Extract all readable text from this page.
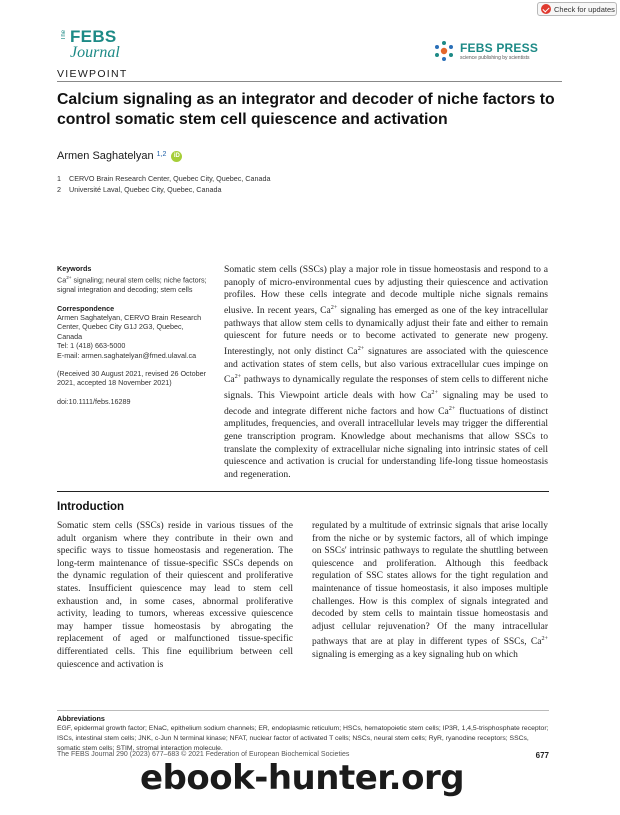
Check for updates
The FEBS
Journal
VIEWPOINT
FEBS PRESS
science publishing by scientists
Calcium signaling as an integrator and decoder of niche factors to control somatic stem cell quiescence and activation
Armen Saghatelyan $^{1,2}$	iD
1 CERVO Brain Research Center, Quebec City, Quebec, Canada
2 Université Laval, Quebec City, Quebec, Canada

Keywords

$Ca^{2+}$ signaling; neural stem cells; niche factors; signal integration and decoding; stem cells

Correspondence

Armen Saghatelyan, CERVO Brain Research Center, Quebec City G1J 2G3, Quebec, Canada

Tel: 1 (418) 663-5000

E-mail: armen.saghatelyan@fmed.ulaval.ca

(Received 30 August 2021, revised 26 October 2021, accepted 18 November 2021)

doi:10.1111/febs.16289

Somatic stem cells (SSCs) play a major role in tissue homeostasis and respond to a panoply of micro-environmental cues by adjusting their quiescence and activation profiles. How these cells integrate and decode multiple niche signals remains elusive. In recent years, $Ca^{2+}$ signaling has emerged as one of the key intracellular pathways that allow stem cells to dynamically adjust their fate and either to remain quiescent for future needs or to become activated to generate new progeny. Interestingly, not only distinct $Ca^{2+}$ signatures are associated with the quiescence and activation states of stem cells, but also various extracellular cues impinge on $Ca^{2+}$ pathways to dynamically regulate the responses of stem cells to different niche signals. This Viewpoint article deals with how $Ca^{2+}$ signaling may be used to decode and integrate different niche factors and how $Ca^{2+}$ fluctuations of distinct amplitudes, frequencies, and overall intracellular levels may trigger the differential gene transcription program. Knowledge about mechanisms that allow SSCs to translate the complexity of extracellular niche signaling into intrinsic states of cell quiescence and activation is crucial for understanding life-long tissue homeostasis and regeneration.

Introduction

Somatic stem cells (SSCs) reside in various tissues of the adult organism where they contribute in their own and specific ways to tissue homeostasis and regeneration. The long-term maintenance of tissue-specific SSCs depends on the dynamic regulation of their quiescent and proliferative states. Insufficient quiescence may lead to stem cell exhaustion and, in some cases, abnormal proliferative activity, leading to tumors, whereas excessive quiescence may hamper tissue homeostasis by abrogating the replacement of aged or malfunctioned tissue-specific differentiated cells. This fine equilibrium between cell quiescence and activation is

regulated by a multitude of extrinsic signals that arise locally from the niche or by systemic factors, all of which impinge on SSCs' intrinsic pathways to regulate the shuttling between quiescence and proliferation. Although this feedback regulation of SSC states allows for the tight regulation and maintenance of tissue homeostasis, it also imposes multiple challenges. How is this complex of signals integrated and decoded by stem cells to maintain tissue homeostasis and adjust cellular rejuvenation? Of the many intracellular pathways that are at play in different types of SSCs, $Ca^{2+}$ signaling is emerging as a key signaling hub on which

Abbreviations

EGF, epidermal growth factor; ENaC, epithelium sodium channels; ER, endoplasmic reticulum; HSCs, hematopoietic stem cells; IP3R, 1,4,5-trisphosphate receptor; ISCs, intestinal stem cells; JNK, c-Jun N terminal kinase; NFAT, nuclear factor of activated T cells; NSCs, neural stem cells; RyR, ryanodine receptors; SSCs, somatic stem cells; STIM, stromal interaction molecule.

The FEBS Journal 290 (2023) 677–683 © 2021 Federation of European Biochemical Societies	677
ebook-hunter.org
